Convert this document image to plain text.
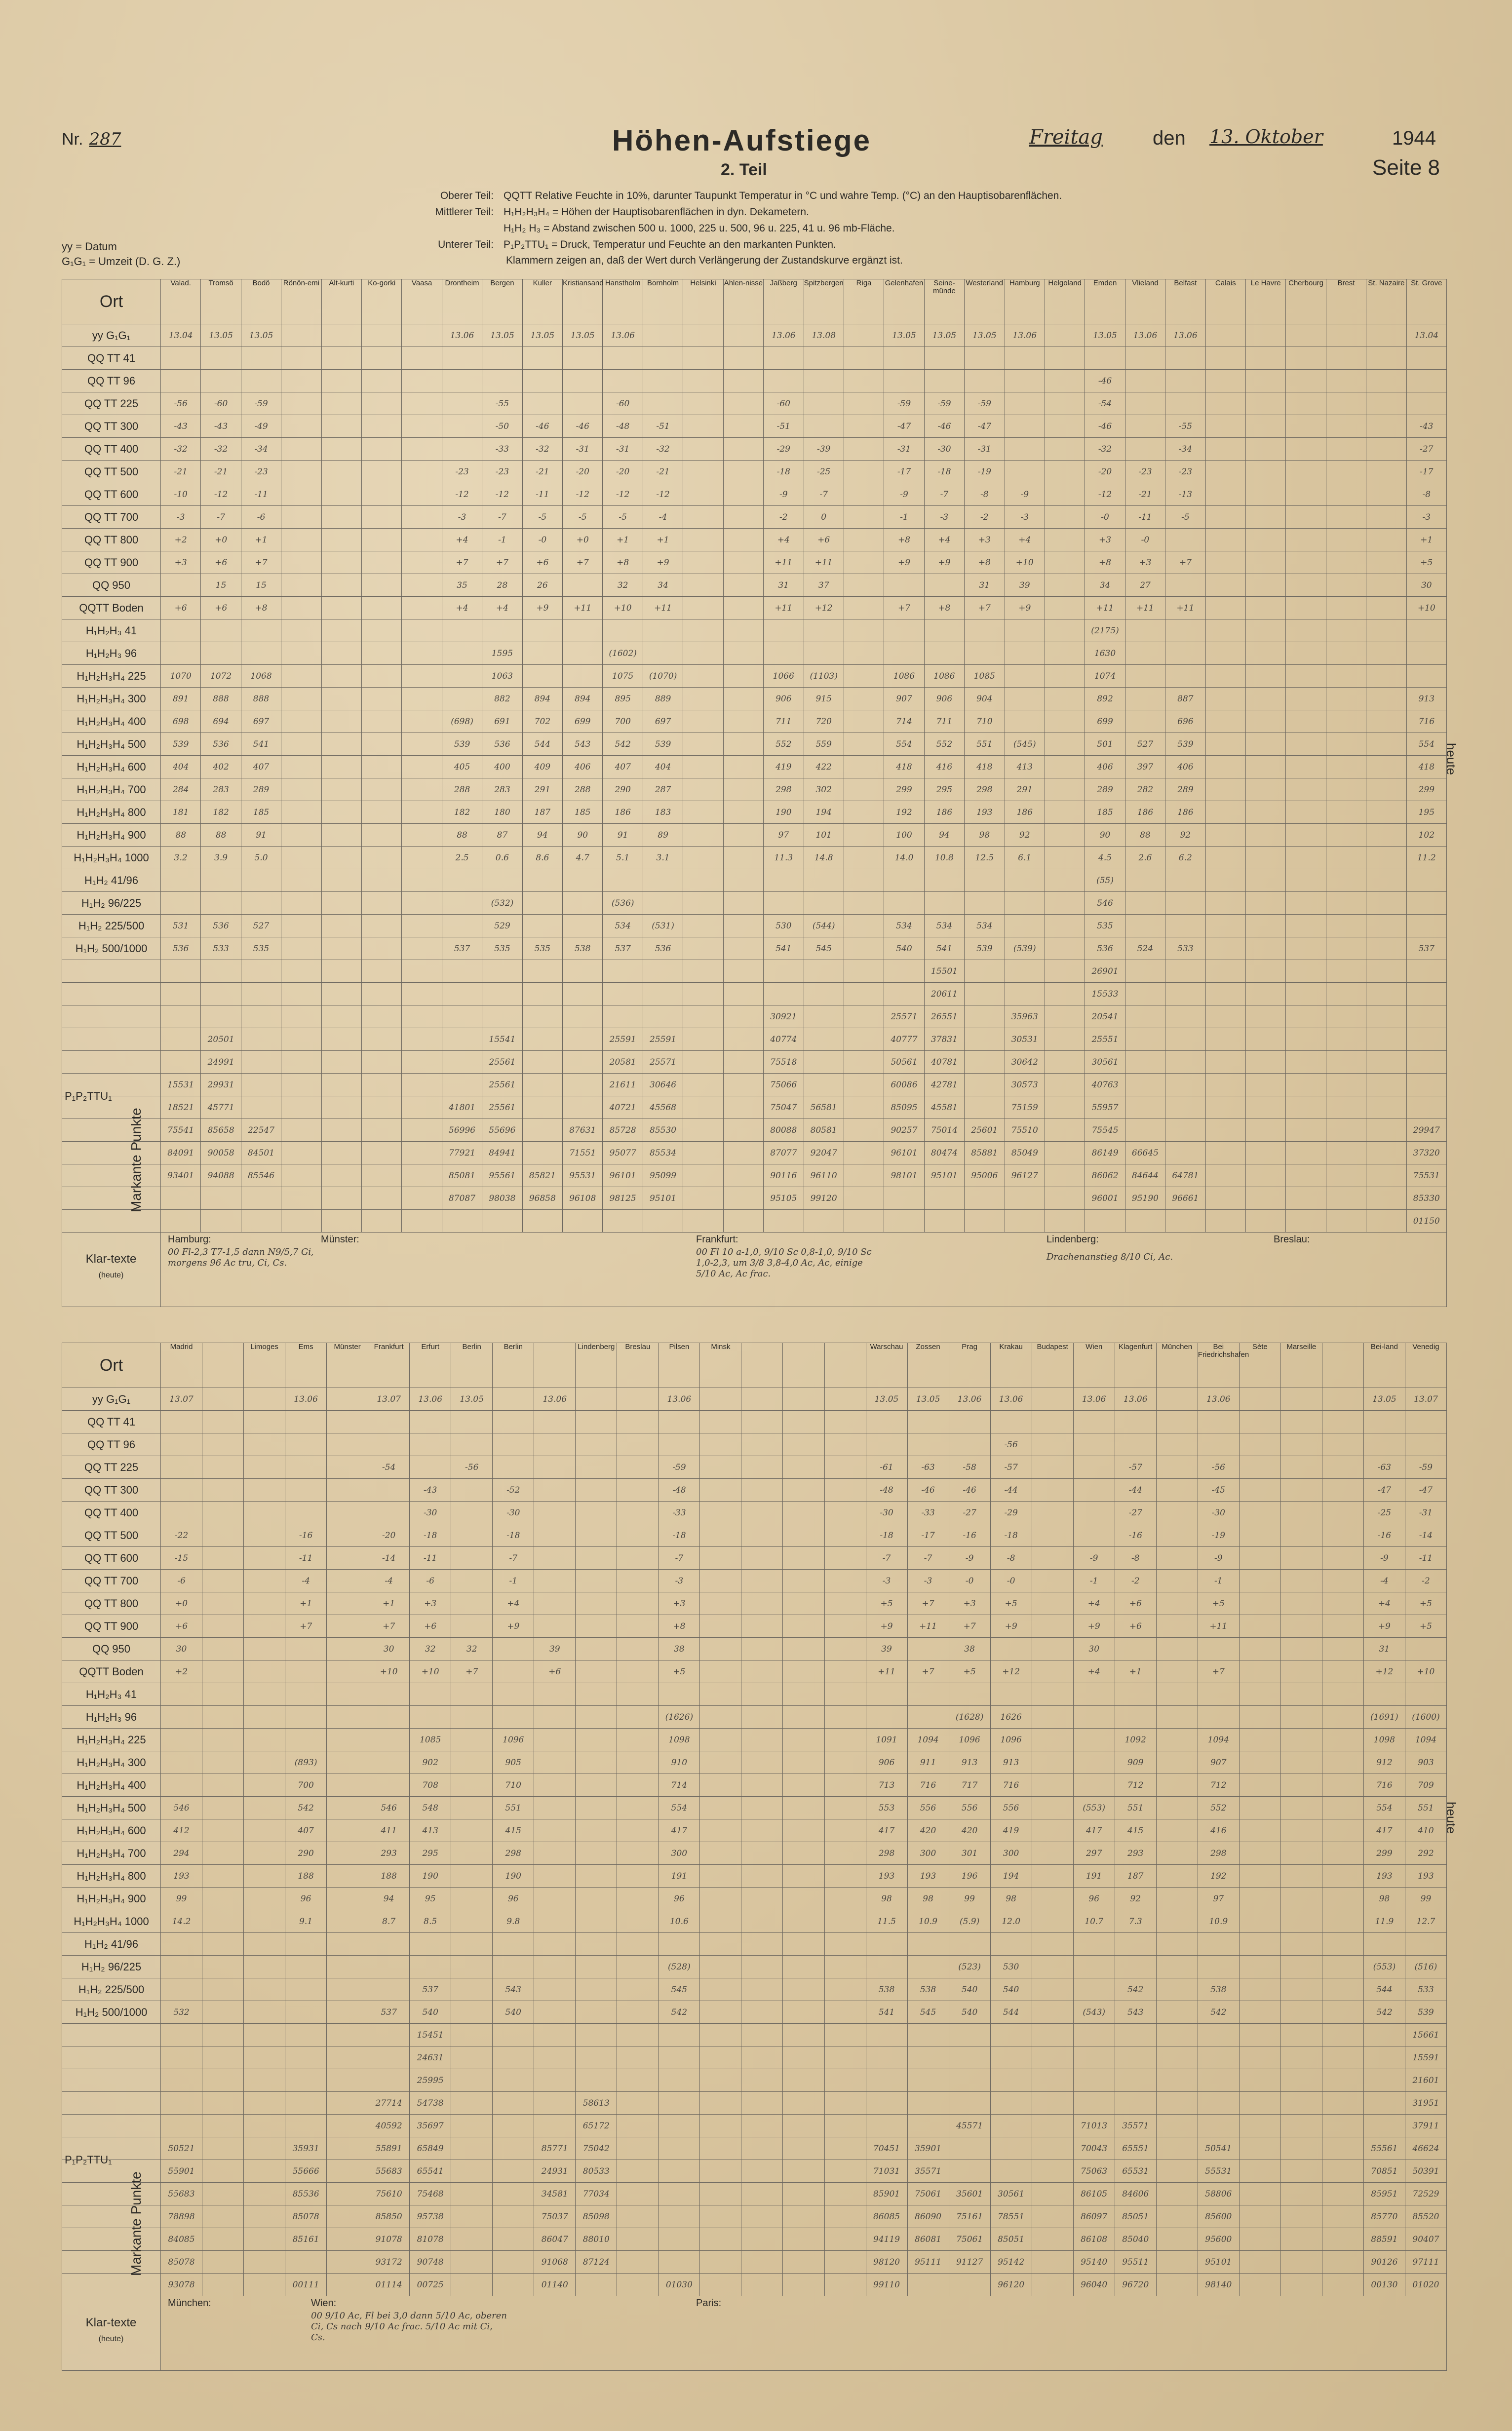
Nr. 287	Höhen-Aufstiege
2. Teil
Freitag	den 13. Oktober	1944
Seite 8
Oberer Teil: QQTT Relative Feuchte in 10%, darunter Taupunkt Temperatur in °C und wahre Temp. (°C) an den Hauptisobarenflächen.
Mittlerer Teil: H₁H₂H₃H₄ = Höhen der Hauptisobarenflächen in dyn. Dekametern.
H₁H₂ H₃ = Abstand zwischen 500 u. 1000, 225 u. 500, 96 u. 225, 41 u. 96 mb-Fläche.
Unterer Teil: P₁P₂TTU₁ = Druck, Temperatur und Feuchte an den markanten Punkten.
yy = Datum
G₁G₁ = Umzeit (D. G. Z.)	Klammern zeigen an, daß der Wert durch Verlängerung der Zustandskurve ergänzt ist.
Ort	Valad.	Tromsö	Bodö	Rönön-emi	Alt-kurti	Ko-gorki	Vaasa	Drontheim	Bergen	Kuller	Kristiansand	Hanstholm	Bornholm	Helsinki	Ahlen-nisse	Jaßberg	Spitzbergen	Riga	Gelenhafen	Seine-münde	Westerland	Hamburg	Helgoland	Emden	Vlieland	Belfast	Calais	Le Havre	Cherbourg	Brest	St. Nazaire	St. Grove
yy G₁G₁	13.04	13.05	13.05					13.06	13.05	13.05	13.05	13.06				13.06	13.08		13.05	13.05	13.05	13.06		13.05	13.06	13.06						13.04
QQ TT 41																																
QQ TT 96																								-46								
QQ TT 225	-56	-60	-59						-55			-60				-60			-59	-59	-59			-54								
QQ TT 300	-43	-43	-49						-50	-46	-46	-48	-51			-51			-47	-46	-47			-46		-55						-43
QQ TT 400	-32	-32	-34						-33	-32	-31	-31	-32			-29	-39		-31	-30	-31			-32		-34						-27
QQ TT 500	-21	-21	-23					-23	-23	-21	-20	-20	-21			-18	-25		-17	-18	-19			-20	-23	-23						-17
QQ TT 600	-10	-12	-11					-12	-12	-11	-12	-12	-12			-9	-7		-9	-7	-8	-9		-12	-21	-13						-8
QQ TT 700	-3	-7	-6					-3	-7	-5	-5	-5	-4			-2	0		-1	-3	-2	-3		-0	-11	-5						-3
QQ TT 800	+2	+0	+1					+4	-1	-0	+0	+1	+1			+4	+6		+8	+4	+3	+4		+3	-0							+1
QQ TT 900	+3	+6	+7					+7	+7	+6	+7	+8	+9			+11	+11		+9	+9	+8	+10		+8	+3	+7						+5
QQ 950		15	15					35	28	26		32	34			31	37				31	39		34	27							30
QQTT Boden	+6	+6	+8					+4	+4	+9	+11	+10	+11			+11	+12		+7	+8	+7	+9		+11	+11	+11						+10
H₁H₂H₃ 41																								(2175)								
H₁H₂H₃ 96									1595			(1602)												1630								
H₁H₂H₃H₄ 225	1070	1072	1068						1063			1075	(1070)			1066	(1103)		1086	1086	1085			1074								
H₁H₂H₃H₄ 300	891	888	888						882	894	894	895	889			906	915		907	906	904			892		887						913
H₁H₂H₃H₄ 400	698	694	697					(698)	691	702	699	700	697			711	720		714	711	710			699		696						716
H₁H₂H₃H₄ 500	539	536	541					539	536	544	543	542	539			552	559		554	552	551	(545)		501	527	539						554
H₁H₂H₃H₄ 600	404	402	407					405	400	409	406	407	404			419	422		418	416	418	413		406	397	406						418
H₁H₂H₃H₄ 700	284	283	289					288	283	291	288	290	287			298	302		299	295	298	291		289	282	289						299
H₁H₂H₃H₄ 800	181	182	185					182	180	187	185	186	183			190	194		192	186	193	186		185	186	186						195
H₁H₂H₃H₄ 900	88	88	91					88	87	94	90	91	89			97	101		100	94	98	92		90	88	92						102
H₁H₂H₃H₄ 1000	3.2	3.9	5.0					2.5	0.6	8.6	4.7	5.1	3.1			11.3	14.8		14.0	10.8	12.5	6.1		4.5	2.6	6.2						11.2
H₁H₂ 41/96																								(55)								
H₁H₂ 96/225									(532)			(536)												546								
H₁H₂ 225/500	531	536	527						529			534	(531)			530	(544)		534	534	534			535								
H₁H₂ 500/1000	536	533	535					537	535	535	538	537	536			541	545		540	541	539	(539)		536	524	533						537
																				15501				26901								
																				20611				15533								
																30921			25571	26551		35963		20541								
		20501							15541			25591	25591			40774			40777	37831		30531		25551								
		24991							25561			20581	25571			75518			50561	40781		30642		30561								
	15531	29931							25561			21611	30646			75066			60086	42781		30573		40763								
	18521	45771						41801	25561			40721	45568			75047	56581		85095	45581		75159		55957								
	75541	85658	22547					56996	55696		87631	85728	85530			80088	80581		90257	75014	25601	75510		75545								29947
	84091	90058	84501					77921	84941		71551	95077	85534			87077	92047		96101	80474	85881	85049		86149	66645							37320
	93401	94088	85546					85081	95561	85821	95531	96101	95099			90116	96110		98101	95101	95006	96127		86062	84644	64781						75531
								87087	98038	96858	96108	98125	95101			95105	99120							96001	95190	96661						85330
																																01150

Markante Punkte
P₁P₂TTU₁
Klar-texte
(heute)
Hamburg:
00 Fl-2,3 T7-1,5 dann N9/5,7 Gi, morgens 96 Ac tru, Ci, Cs.
Münster:	Frankfurt:
00 Fl 10 a-1,0, 9/10 Sc 0,8-1,0, 9/10 Sc 1,0-2,3, um 3/8 3,8-4,0 Ac, Ac, einige 5/10 Ac, Ac frac.
Lindenberg:
Drachenanstieg 8/10 Ci, Ac.
Breslau:
Ort	Madrid		Limoges	Ems	Münster	Frankfurt	Erfurt	Berlin	Berlin		Lindenberg	Breslau	Pilsen	Minsk				Warschau	Zossen	Prag	Krakau	Budapest	Wien	Klagenfurt	München	Bei Friedrichshafen	Sète	Marseille		Bei-land	Venedig
yy G₁G₁	13.07			13.06		13.07	13.06	13.05		13.06			13.06					13.05	13.05	13.06	13.06		13.06	13.06		13.06				13.05	13.07
QQ TT 41																															
QQ TT 96																					-56										
QQ TT 225						-54		-56					-59					-61	-63	-58	-57			-57		-56				-63	-59
QQ TT 300							-43		-52				-48					-48	-46	-46	-44			-44		-45				-47	-47
QQ TT 400							-30		-30				-33					-30	-33	-27	-29			-27		-30				-25	-31
QQ TT 500	-22			-16		-20	-18		-18				-18					-18	-17	-16	-18			-16		-19				-16	-14
QQ TT 600	-15			-11		-14	-11		-7				-7					-7	-7	-9	-8		-9	-8		-9				-9	-11
QQ TT 700	-6			-4		-4	-6		-1				-3					-3	-3	-0	-0		-1	-2		-1				-4	-2
QQ TT 800	+0			+1		+1	+3		+4				+3					+5	+7	+3	+5		+4	+6		+5				+4	+5
QQ TT 900	+6			+7		+7	+6		+9				+8					+9	+11	+7	+9		+9	+6		+11				+9	+5
QQ 950	30					30	32	32		39			38					39		38			30							31	
QQTT Boden	+2					+10	+10	+7		+6			+5					+11	+7	+5	+12		+4	+1		+7				+12	+10
H₁H₂H₃ 41																															
H₁H₂H₃ 96													(1626)							(1628)	1626									(1691)	(1600)
H₁H₂H₃H₄ 225							1085		1096				1098					1091	1094	1096	1096			1092		1094				1098	1094
H₁H₂H₃H₄ 300				(893)			902		905				910					906	911	913	913			909		907				912	903
H₁H₂H₃H₄ 400				700			708		710				714					713	716	717	716			712		712				716	709
H₁H₂H₃H₄ 500	546			542		546	548		551				554					553	556	556	556		(553)	551		552				554	551
H₁H₂H₃H₄ 600	412			407		411	413		415				417					417	420	420	419		417	415		416				417	410
H₁H₂H₃H₄ 700	294			290		293	295		298				300					298	300	301	300		297	293		298				299	292
H₁H₂H₃H₄ 800	193			188		188	190		190				191					193	193	196	194		191	187		192				193	193
H₁H₂H₃H₄ 900	99			96		94	95		96				96					98	98	99	98		96	92		97				98	99
H₁H₂H₃H₄ 1000	14.2			9.1		8.7	8.5		9.8				10.6					11.5	10.9	(5.9)	12.0		10.7	7.3		10.9				11.9	12.7
H₁H₂ 41/96																															
H₁H₂ 96/225													(528)							(523)	530									(553)	(516)
H₁H₂ 225/500							537		543				545					538	538	540	540			542		538				544	533
H₁H₂ 500/1000	532					537	540		540				542					541	545	540	544		(543)	543		542				542	539
							15451																								15661
							24631																								15591
							25995																								21601
						27714	54738				58613																				31951
						40592	35697				65172									45571			71013	35571							37911
	50521			35931		55891	65849			85771	75042							70451	35901				70043	65551		50541				55561	46624
	55901			55666		55683	65541			24931	80533							71031	35571				75063	65531		55531				70851	50391
	55683			85536		75610	75468			34581	77034							85901	75061	35601	30561		86105	84606		58806				85951	72529
	78898			85078		85850	95738			75037	85098							86085	86090	75161	78551		86097	85051		85600				85770	85520
	84085			85161		91078	81078			86047	88010							94119	86081	75061	85051		86108	85040		95600				88591	90407
	85078					93172	90748			91068	87124							98120	95111	91127	95142		95140	95511		95101				90126	97111
	93078			00111		01114	00725			01140			01030					99110			96120		96040	96720		98140				00130	01020

Markante Punkte
P₁P₂TTU₁
Klar-texte
(heute)
München:	Wien:
00 9/10 Ac, Fl bei 3,0 dann 5/10 Ac, oberen Ci, Cs nach 9/10 Ac frac. 5/10 Ac mit Ci, Cs.
Paris:
heute
heute
